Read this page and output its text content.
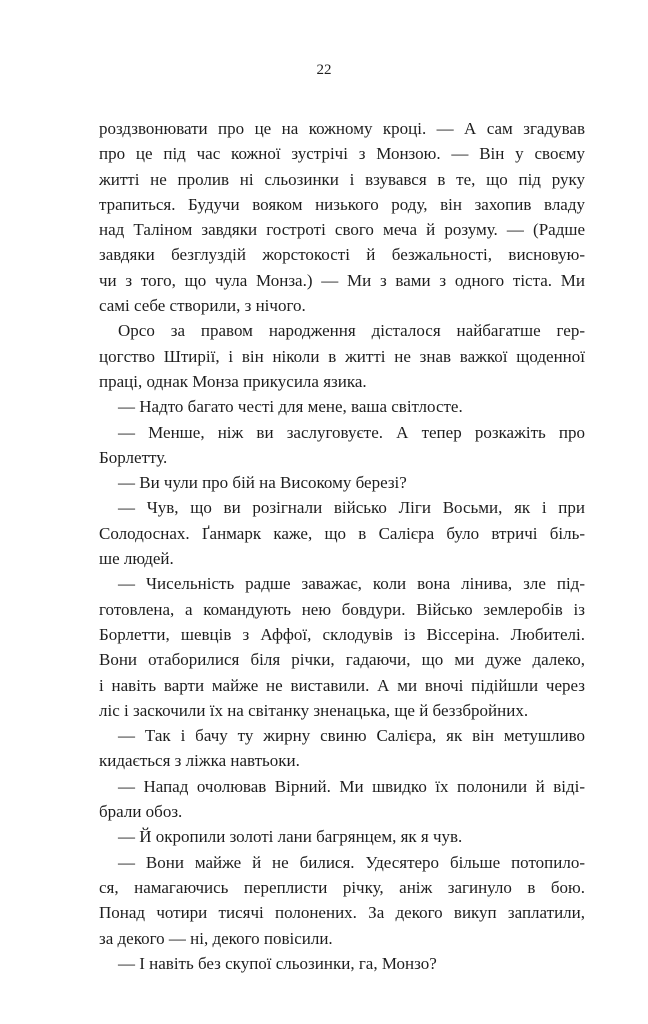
22
роздзвонювати про це на кожному кроці. — А сам згадував
про це під час кожної зустрічі з Монзою. — Він у своєму
житті не пролив ні сльозинки і взувався в те, що під руку
трапиться. Будучи вояком низького роду, він захопив владу
над Таліном завдяки гостроті свого меча й розуму. — (Радше
завдяки безглуздій жорстокості й безжальності, висновую-
чи з того, що чула Монза.) — Ми з вами з одного тіста. Ми
самі себе створили, з нічого.
Орсо за правом народження дісталося найбагатше гер-
цогство Штирії, і він ніколи в житті не знав важкої щоденної
праці, однак Монза прикусила язика.
— Надто багато честі для мене, ваша світлосте.
— Менше, ніж ви заслуговуєте. А тепер розкажіть про
Борлетту.
— Ви чули про бій на Високому березі?
— Чув, що ви розігнали військо Ліги Восьми, як і при
Солодоснах. Ґанмарк каже, що в Салієра було втричі біль-
ше людей.
— Чисельність радше заважає, коли вона лінива, зле під-
готовлена, а командують нею бовдури. Військо землеробів із
Борлетти, шевців з Аффої, склодувів із Віссеріна. Любителі.
Вони отаборилися біля річки, гадаючи, що ми дуже далеко,
і навіть варти майже не виставили. А ми вночі підійшли через
ліс і заскочили їх на світанку зненацька, ще й беззбройних.
— Так і бачу ту жирну свиню Салієра, як він метушливо
кидається з ліжка навтьоки.
— Напад очолював Вірний. Ми швидко їх полонили й віді-
брали обоз.
— Й окропили золоті лани багрянцем, як я чув.
— Вони майже й не билися. Удесятеро більше потопило-
ся, намагаючись переплисти річку, аніж загинуло в бою.
Понад чотири тисячі полонених. За декого викуп заплатили,
за декого — ні, декого повісили.
— І навіть без скупої сльозинки, га, Монзо?
